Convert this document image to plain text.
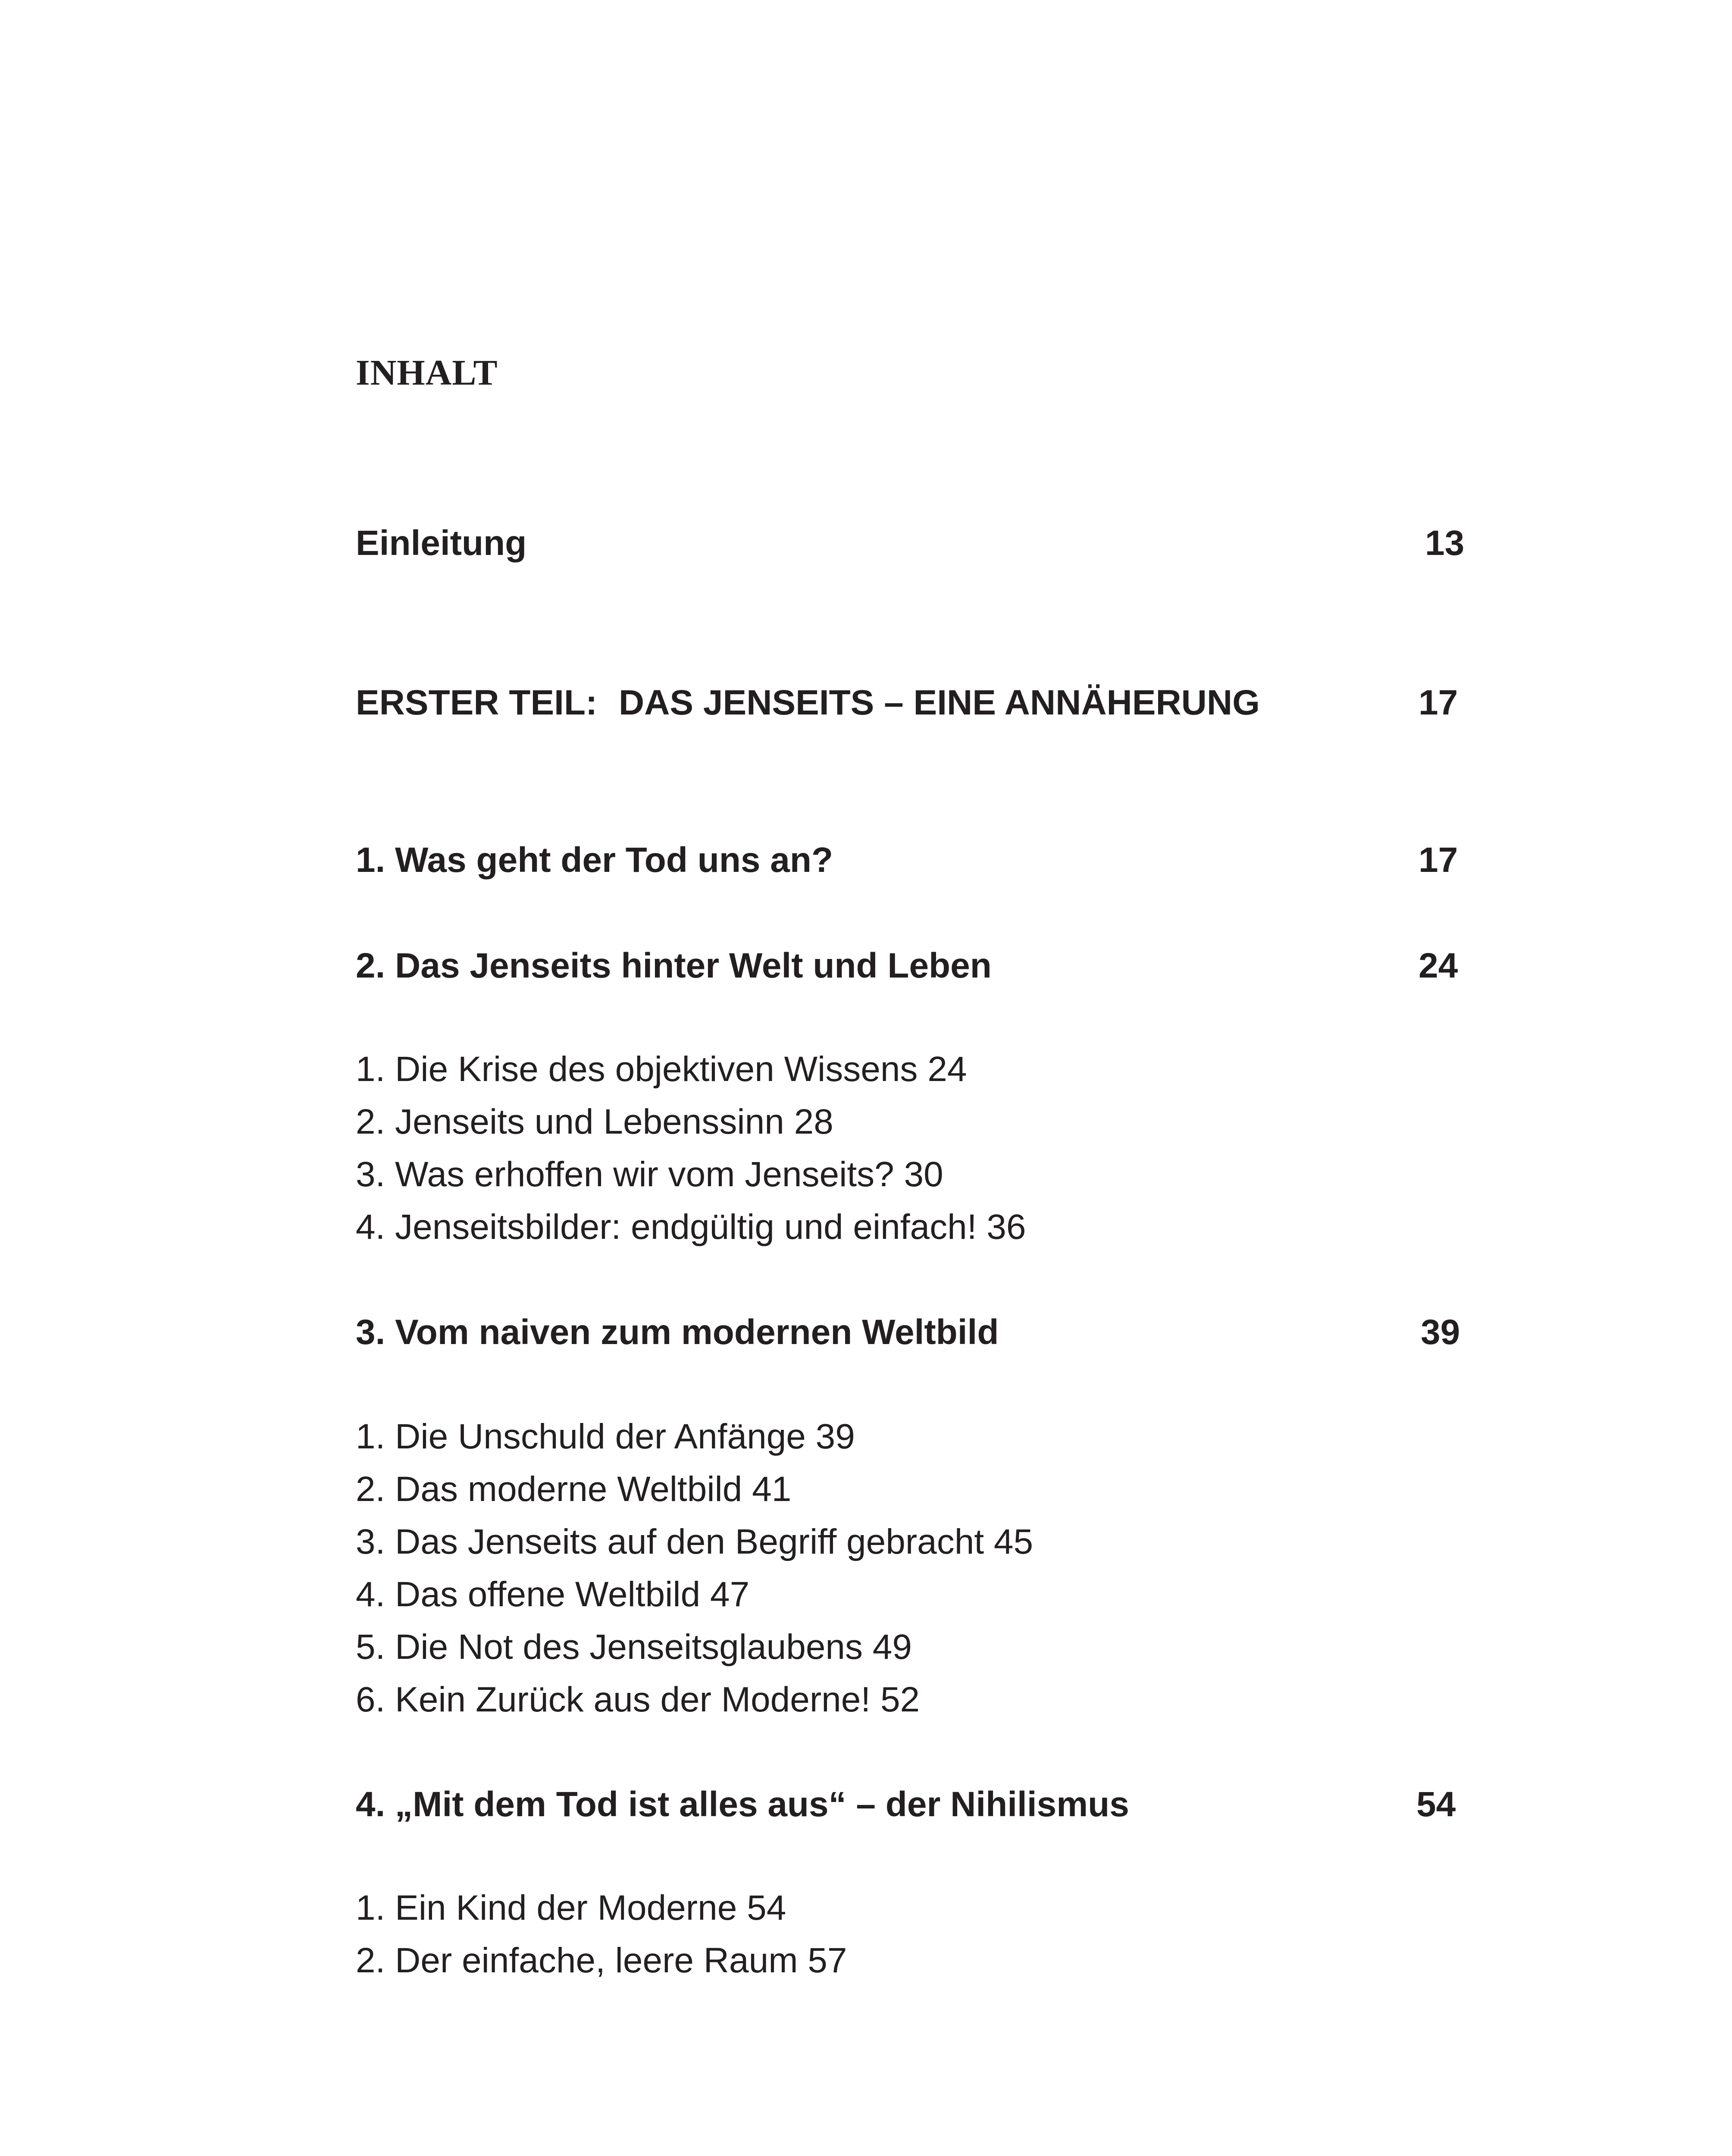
INHALT
Einleitung	13
ERSTER TEIL: DAS JENSEITS – EINE ANNÄHERUNG	17
1. Was geht der Tod uns an?	17
2. Das Jenseits hinter Welt und Leben	24
1. Die Krise des objektiven Wissens 24
2. Jenseits und Lebenssinn 28
3. Was erhoffen wir vom Jenseits? 30
4. Jenseitsbilder: endgültig und einfach! 36
3. Vom naiven zum modernen Weltbild	39
1. Die Unschuld der Anfänge 39
2. Das moderne Weltbild 41
3. Das Jenseits auf den Begriff gebracht 45
4. Das offene Weltbild 47
5. Die Not des Jenseitsglaubens 49
6. Kein Zurück aus der Moderne! 52
4. „Mit dem Tod ist alles aus“ – der Nihilismus	54
1. Ein Kind der Moderne 54
2. Der einfache, leere Raum 57
